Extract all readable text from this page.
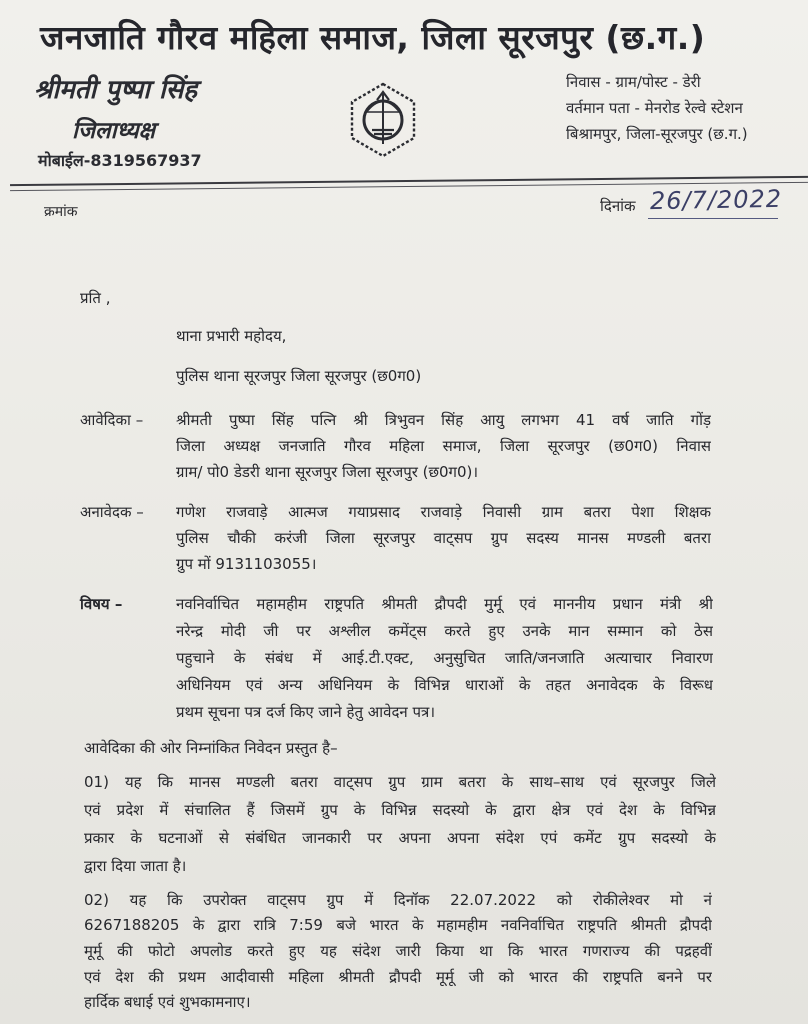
जनजाति गौरव महिला समाज, जिला सूरजपुर (छ.ग.)
श्रीमती पुष्पा सिंह
जिलाध्यक्ष
मोबाईल-8319567937
निवास - ग्राम/पोस्ट - डेरी
वर्तमान पता - मेनरोड रेल्वे स्टेशन
बिश्रामपुर, जिला-सूरजपुर (छ.ग.)
क्रमांक	दिनांक 26/7/2022
प्रति ,
थाना प्रभारी महोदय,
पुलिस थाना सूरजपुर जिला सूरजपुर (छ0ग0)
आवेदिका – श्रीमती पुष्पा सिंह पत्नि श्री त्रिभुवन सिंह आयु लगभग 41 वर्ष जाति गोंड़
जिला अध्यक्ष जनजाति गौरव महिला समाज, जिला सूरजपुर (छ0ग0) निवास
ग्राम/ पो0 डेडरी थाना सूरजपुर जिला सूरजपुर (छ0ग0)।
अनावेदक – गणेश राजवाड़े आत्मज गयाप्रसाद राजवाड़े निवासी ग्राम बतरा पेशा शिक्षक
पुलिस चौकी करंजी जिला सूरजपुर वाट्सप ग्रुप सदस्य मानस मण्डली बतरा
ग्रुप मों 9131103055।
विषय –	नवनिर्वाचित महामहीम राष्ट्रपति श्रीमती द्रौपदी मुर्मू एवं माननीय प्रधान मंत्री श्री
नरेन्द्र मोदी जी पर अश्लील कमेंट्स करते हुए उनके मान सम्मान को ठेस
पहुचाने के संबंध में आई.टी.एक्ट, अनुसुचित जाति/जनजाति अत्याचार निवारण
अधिनियम एवं अन्य अधिनियम के विभिन्न धाराओं के तहत अनावेदक के विरूध
प्रथम सूचना पत्र दर्ज किए जाने हेतु आवेदन पत्र।
आवेदिका की ओर निम्नांकित निवेदन प्रस्तुत है–
01) यह कि मानस मण्डली बतरा वाट्सप ग्रुप ग्राम बतरा के साथ–साथ एवं सूरजपुर जिले
एवं प्रदेश में संचालित हैं जिसमें ग्रुप के विभिन्न सदस्यो के द्वारा क्षेत्र एवं देश के विभिन्न
प्रकार के घटनाओं से संबंधित जानकारी पर अपना अपना संदेश एपं कमेंट ग्रुप सदस्यो के
द्वारा दिया जाता है।
02) यह कि उपरोक्त वाट्सप ग्रुप में दिनॉक 22.07.2022 को रोकीलेश्वर मो नं
6267188205 के द्वारा रात्रि 7:59 बजे भारत के महामहीम नवनिर्वाचित राष्ट्रपति श्रीमती द्रौपदी
मूर्मू की फोटो अपलोड करते हुए यह संदेश जारी किया था कि भारत गणराज्य की पद्रहवीं
एवं देश की प्रथम आदीवासी महिला श्रीमती द्रौपदी मूर्मू जी को भारत की राष्ट्रपति बनने पर
हार्दिक बधाई एवं शुभकामनाए।
